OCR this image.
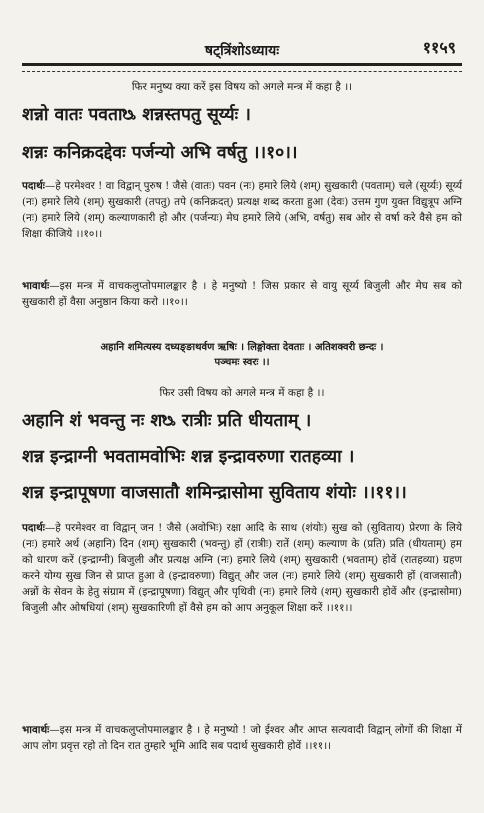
षट्त्रिंशोऽध्यायः	११५९
फिर मनुष्य क्या करें इस विषय को अगले मन्त्र में कहा है ।।
शन्नो वातः पवताᳬ शन्नस्तपतु सूर्य्यः ।
शन्नः कनिक्रदद्देवः पर्जन्यो अभि वर्षतु ।।१०।।
पदार्थः—हे परमेश्वर ! वा विद्वान् पुरुष ! जैसे (वातः) पवन (नः) हमारे लिये (शम्) सुखकारी (पवताम्) चले (सूर्य्यः) सूर्य्य (नः) हमारे लिये (शम्) सुखकारी (तपतु) तपे (कनिक्रदत्) प्रत्यक्ष शब्द करता हुआ (देवः) उत्तम गुण युक्त विद्युत्रूप अग्नि (नः) हमारे लिये (शम्) कल्याणकारी हो और (पर्जन्यः) मेघ हमारे लिये (अभि, वर्षतु) सब ओर से वर्षा करे वैसे हम को शिक्षा कीजिये ।।१०।।
भावार्थः—इस मन्त्र में वाचकलुप्तोपमालङ्कार है । हे मनुष्यो ! जिस प्रकार से वायु सूर्य्य बिजुली और मेघ सब को सुखकारी हों वैसा अनुष्ठान किया करो ।।१०।।
अहानि शमित्यस्य दध्यङ्ङाथर्वण ऋषिः । लिङ्गोक्ता देवताः । अतिशक्वरी छन्दः ।
पञ्चमः स्वरः ।।
फिर उसी विषय को अगले मन्त्र में कहा है ।।
अहानि शं भवन्तु नः शᳬ रात्रीः प्रति धीयताम् ।
शन्न इन्द्राग्नी भवतामवोभिः शन्न इन्द्रावरुणा रातहव्या ।
शन्न इन्द्रापूषणा वाजसातौ शमिन्द्रासोमा सुविताय शंयोः ।।११।।
पदार्थः—हे परमेश्वर वा विद्वान् जन ! जैसे (अवोभिः) रक्षा आदि के साथ (शंयोः) सुख को (सुविताय) प्रेरणा के लिये (नः) हमारे अर्थ (अहानि) दिन (शम्) सुखकारी (भवन्तु) हों (रात्रीः) रातें (शम्) कल्याण के (प्रति) प्रति (धीयताम्) हम को धारण करें (इन्द्राग्नी) बिजुली और प्रत्यक्ष अग्नि (नः) हमारे लिये (शम्) सुखकारी (भवताम्) होवें (रातहव्या) ग्रहण करने योग्य सुख जिन से प्राप्त हुआ वे (इन्द्रावरुणा) विद्युत् और जल (नः) हमारे लिये (शम्) सुखकारी हों (वाजसातौ) अन्नों के सेवन के हेतु संग्राम में (इन्द्रापूषणा) विद्युत् और पृथिवी (नः) हमारे लिये (शम्) सुखकारी होवें और (इन्द्रासोमा) बिजुली और ओषधियां (शम्) सुखकारिणी हों वैसे हम को आप अनुकूल शिक्षा करें ।।११।।
भावार्थः—इस मन्त्र में वाचकलुप्तोपमालङ्कार है । हे मनुष्यो ! जो ईश्वर और आप्त सत्यवादी विद्वान् लोगों की शिक्षा में आप लोग प्रवृत्त रहो तो दिन रात तुम्हारे भूमि आदि सब पदार्थ सुखकारी होवें ।।११।।
